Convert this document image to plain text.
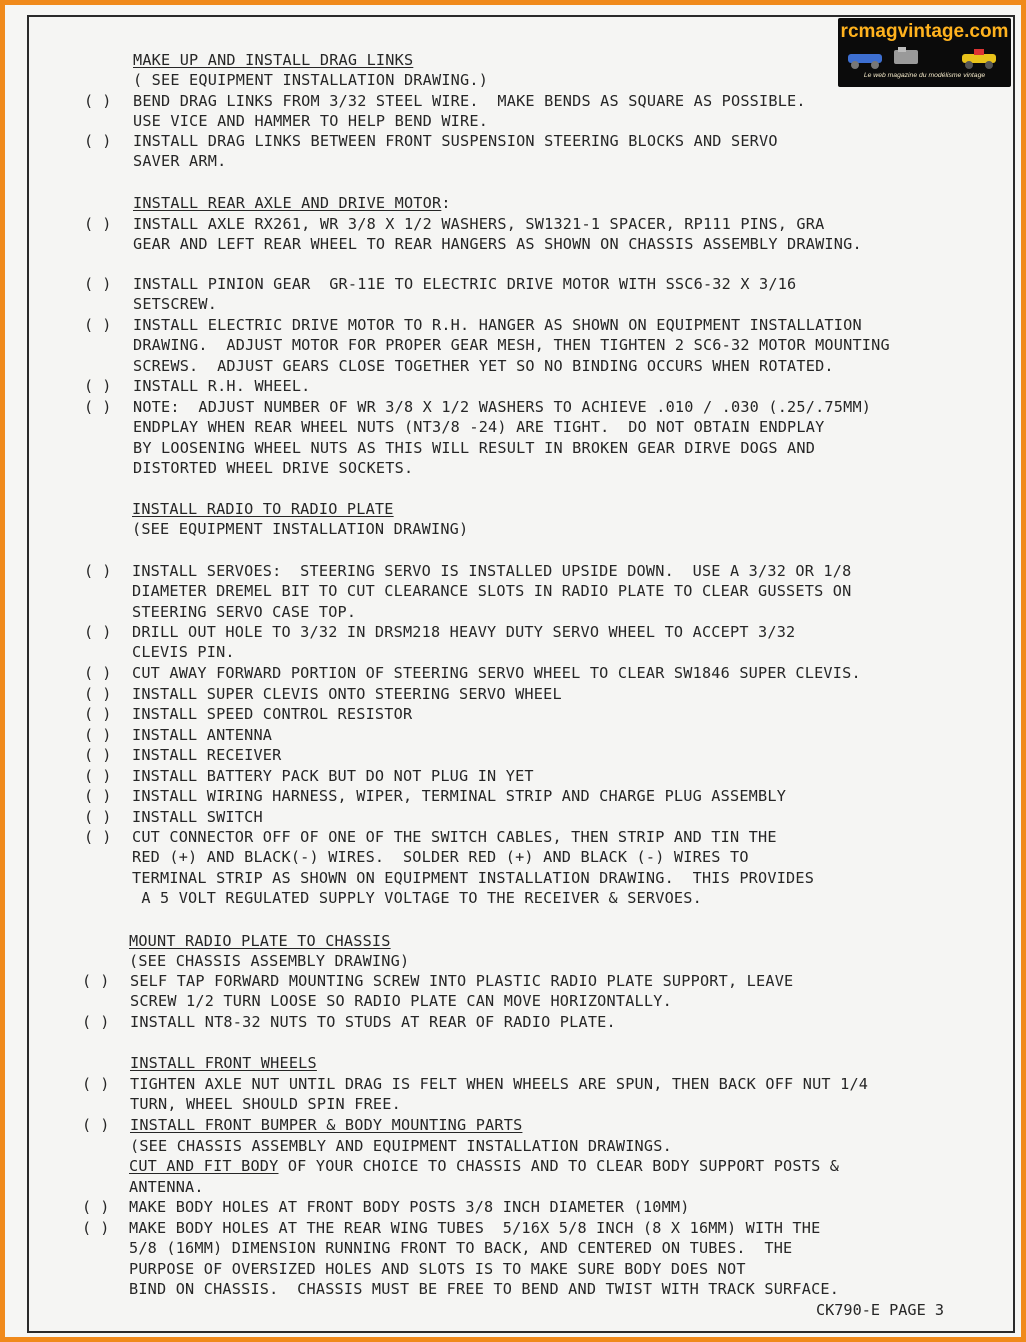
rcmagvintage.com
Le web magazine du modélisme vintage
MAKE UP AND INSTALL DRAG LINKS
( SEE EQUIPMENT INSTALLATION DRAWING.)
( ) BEND DRAG LINKS FROM 3/32 STEEL WIRE.  MAKE BENDS AS SQUARE AS POSSIBLE.
USE VICE AND HAMMER TO HELP BEND WIRE.
( ) INSTALL DRAG LINKS BETWEEN FRONT SUSPENSION STEERING BLOCKS AND SERVO
SAVER ARM.
INSTALL REAR AXLE AND DRIVE MOTOR:
( ) INSTALL AXLE RX261, WR 3/8 X 1/2 WASHERS, SW1321-1 SPACER, RP111 PINS, GRA
GEAR AND LEFT REAR WHEEL TO REAR HANGERS AS SHOWN ON CHASSIS ASSEMBLY DRAWING.
( ) INSTALL PINION GEAR  GR-11E TO ELECTRIC DRIVE MOTOR WITH SSC6-32 X 3/16
SETSCREW.
( ) INSTALL ELECTRIC DRIVE MOTOR TO R.H. HANGER AS SHOWN ON EQUIPMENT INSTALLATION
DRAWING.  ADJUST MOTOR FOR PROPER GEAR MESH, THEN TIGHTEN 2 SC6-32 MOTOR MOUNTING
SCREWS.  ADJUST GEARS CLOSE TOGETHER YET SO NO BINDING OCCURS WHEN ROTATED.
( ) INSTALL R.H. WHEEL.
( ) NOTE:  ADJUST NUMBER OF WR 3/8 X 1/2 WASHERS TO ACHIEVE .010 / .030 (.25/.75MM)
ENDPLAY WHEN REAR WHEEL NUTS (NT3/8 -24) ARE TIGHT.  DO NOT OBTAIN ENDPLAY
BY LOOSENING WHEEL NUTS AS THIS WILL RESULT IN BROKEN GEAR DIRVE DOGS AND
DISTORTED WHEEL DRIVE SOCKETS.
INSTALL RADIO TO RADIO PLATE
(SEE EQUIPMENT INSTALLATION DRAWING)
( ) INSTALL SERVOES:  STEERING SERVO IS INSTALLED UPSIDE DOWN.  USE A 3/32 OR 1/8
DIAMETER DREMEL BIT TO CUT CLEARANCE SLOTS IN RADIO PLATE TO CLEAR GUSSETS ON
STEERING SERVO CASE TOP.
( ) DRILL OUT HOLE TO 3/32 IN DRSM218 HEAVY DUTY SERVO WHEEL TO ACCEPT 3/32
CLEVIS PIN.
( ) CUT AWAY FORWARD PORTION OF STEERING SERVO WHEEL TO CLEAR SW1846 SUPER CLEVIS.
( ) INSTALL SUPER CLEVIS ONTO STEERING SERVO WHEEL
( ) INSTALL SPEED CONTROL RESISTOR
( ) INSTALL ANTENNA
( ) INSTALL RECEIVER
( ) INSTALL BATTERY PACK BUT DO NOT PLUG IN YET
( ) INSTALL WIRING HARNESS, WIPER, TERMINAL STRIP AND CHARGE PLUG ASSEMBLY
( ) INSTALL SWITCH
( ) CUT CONNECTOR OFF OF ONE OF THE SWITCH CABLES, THEN STRIP AND TIN THE
RED (+) AND BLACK(-) WIRES.  SOLDER RED (+) AND BLACK (-) WIRES TO
TERMINAL STRIP AS SHOWN ON EQUIPMENT INSTALLATION DRAWING.  THIS PROVIDES
A 5 VOLT REGULATED SUPPLY VOLTAGE TO THE RECEIVER & SERVOES.
MOUNT RADIO PLATE TO CHASSIS
(SEE CHASSIS ASSEMBLY DRAWING)
( ) SELF TAP FORWARD MOUNTING SCREW INTO PLASTIC RADIO PLATE SUPPORT, LEAVE
SCREW 1/2 TURN LOOSE SO RADIO PLATE CAN MOVE HORIZONTALLY.
( ) INSTALL NT8-32 NUTS TO STUDS AT REAR OF RADIO PLATE.
INSTALL FRONT WHEELS
( ) TIGHTEN AXLE NUT UNTIL DRAG IS FELT WHEN WHEELS ARE SPUN, THEN BACK OFF NUT 1/4
TURN, WHEEL SHOULD SPIN FREE.
( ) INSTALL FRONT BUMPER & BODY MOUNTING PARTS
(SEE CHASSIS ASSEMBLY AND EQUIPMENT INSTALLATION DRAWINGS.
CUT AND FIT BODY OF YOUR CHOICE TO CHASSIS AND TO CLEAR BODY SUPPORT POSTS &
ANTENNA.
( ) MAKE BODY HOLES AT FRONT BODY POSTS 3/8 INCH DIAMETER (10MM)
( ) MAKE BODY HOLES AT THE REAR WING TUBES  5/16X 5/8 INCH (8 X 16MM) WITH THE
5/8 (16MM) DIMENSION RUNNING FRONT TO BACK, AND CENTERED ON TUBES.  THE
PURPOSE OF OVERSIZED HOLES AND SLOTS IS TO MAKE SURE BODY DOES NOT
BIND ON CHASSIS.  CHASSIS MUST BE FREE TO BEND AND TWIST WITH TRACK SURFACE.
CK790-E PAGE 3
